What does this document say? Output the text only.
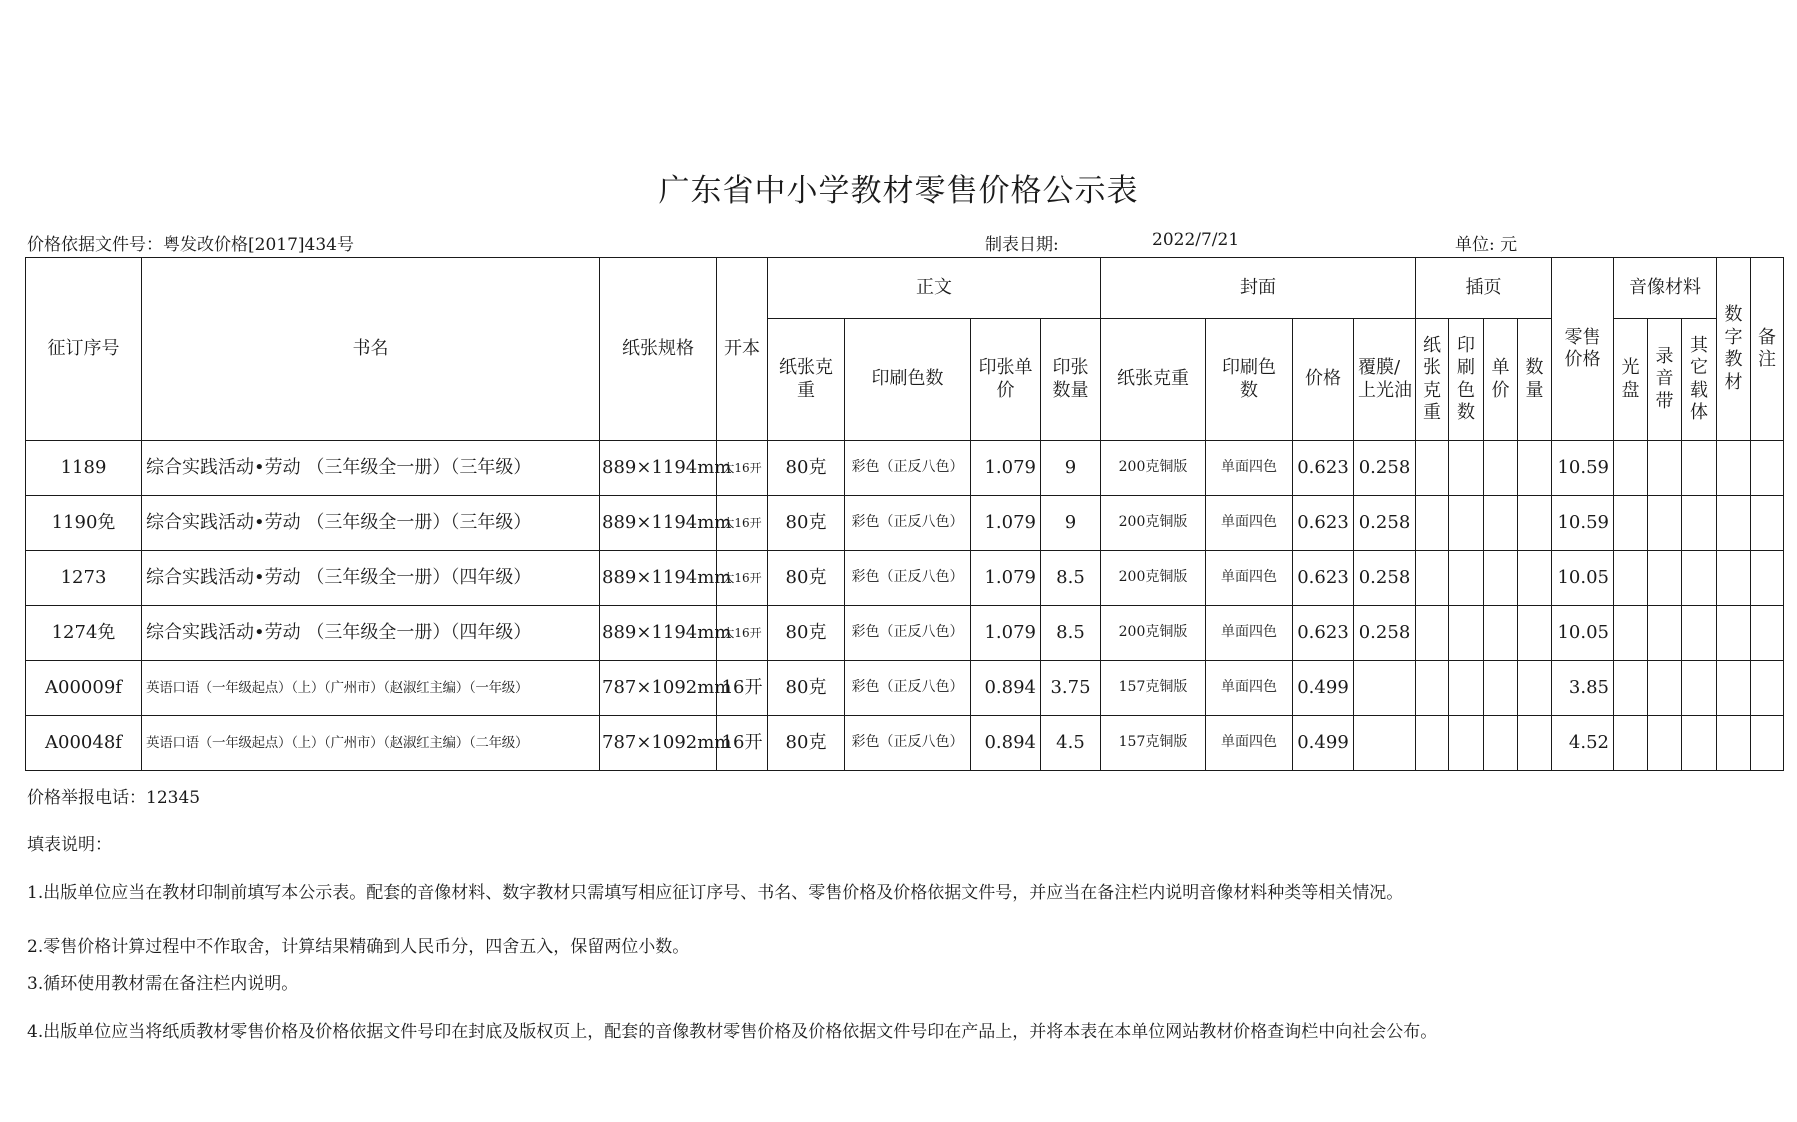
广东省中小学教材零售价格公示表
价格依据文件号：粤发改价格[2017]434号	制表日期:	2022/7/21	单位: 元
征订序号	书名	纸张规格	开本	正文				封面				插页				零售价格	音像材料			数字教材	备注
				纸张克重	印刷色数	印张单价	印张数量	纸张克重	印刷色数	价格	覆膜/上光油	纸张克重	印刷色数	单价	数量		光盘	录音带	其它载体		
1189	综合实践活动•劳动 （三年级全一册）（三年级）	889×1194mm	大16开	80克	彩色（正反八色）	1.079	9	200克铜版	单面四色	0.623	0.258					10.59					
1190免	综合实践活动•劳动 （三年级全一册）（三年级）	889×1194mm	大16开	80克	彩色（正反八色）	1.079	9	200克铜版	单面四色	0.623	0.258					10.59					
1273	综合实践活动•劳动 （三年级全一册）（四年级）	889×1194mm	大16开	80克	彩色（正反八色）	1.079	8.5	200克铜版	单面四色	0.623	0.258					10.05					
1274免	综合实践活动•劳动 （三年级全一册）（四年级）	889×1194mm	大16开	80克	彩色（正反八色）	1.079	8.5	200克铜版	单面四色	0.623	0.258					10.05					
A00009f	英语口语（一年级起点）（上）（广州市）（赵淑红主编）（一年级）	787×1092mm	16开	80克	彩色（正反八色）	0.894	3.75	157克铜版	单面四色	0.499						3.85					
A00048f	英语口语（一年级起点）（上）（广州市）（赵淑红主编）（二年级）	787×1092mm	16开	80克	彩色（正反八色）	0.894	4.5	157克铜版	单面四色	0.499						4.52					
价格举报电话：12345
填表说明：
1.出版单位应当在教材印制前填写本公示表。配套的音像材料、数字教材只需填写相应征订序号、书名、零售价格及价格依据文件号，并应当在备注栏内说明音像材料种类等相关情况。
2.零售价格计算过程中不作取舍，计算结果精确到人民币分，四舍五入，保留两位小数。
3.循环使用教材需在备注栏内说明。
4.出版单位应当将纸质教材零售价格及价格依据文件号印在封底及版权页上，配套的音像教材零售价格及价格依据文件号印在产品上，并将本表在本单位网站教材价格查询栏中向社会公布。
